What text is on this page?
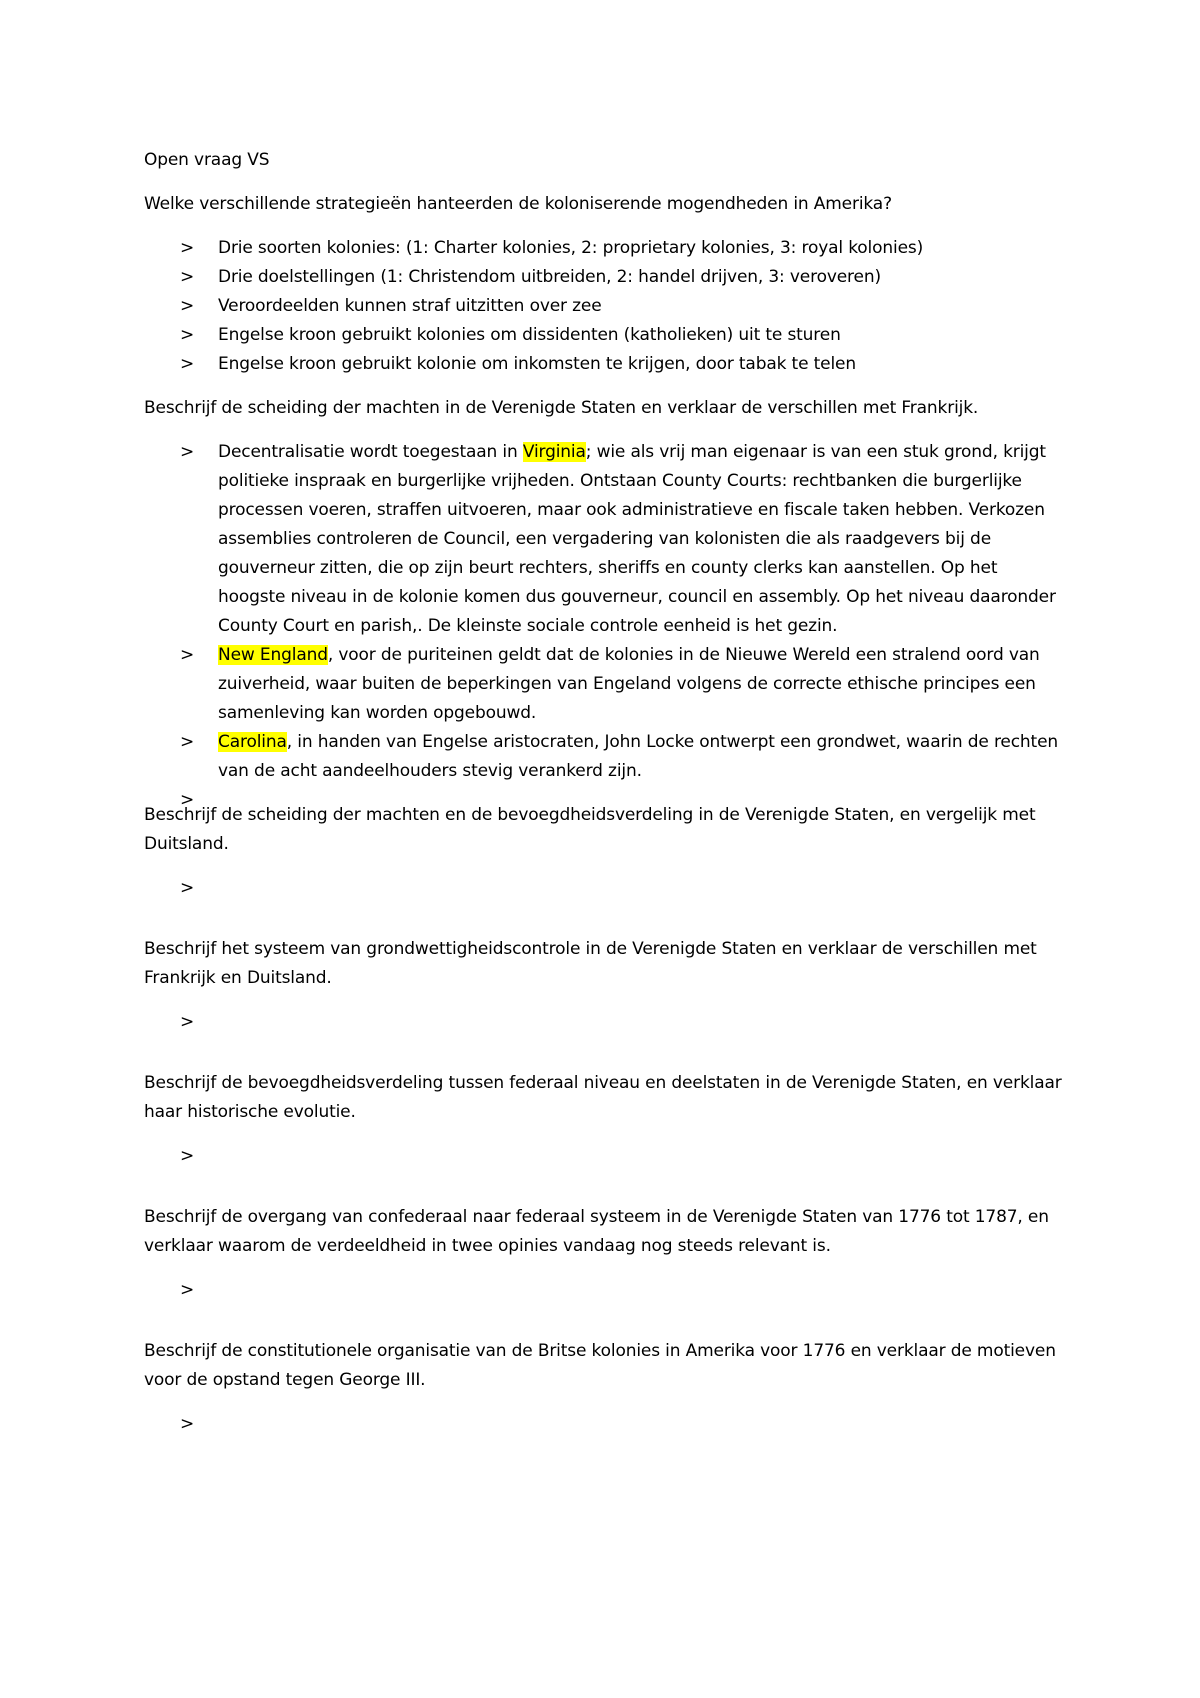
Open vraag VS

Welke verschillende strategieën hanteerden de koloniserende mogendheden in Amerika?

> Drie soorten kolonies: (1: Charter kolonies, 2: proprietary kolonies, 3: royal kolonies)
> Drie doelstellingen (1: Christendom uitbreiden, 2: handel drijven, 3: veroveren)
> Veroordeelden kunnen straf uitzitten over zee
> Engelse kroon gebruikt kolonies om dissidenten (katholieken) uit te sturen
> Engelse kroon gebruikt kolonie om inkomsten te krijgen, door tabak te telen

Beschrijf de scheiding der machten in de Verenigde Staten en verklaar de verschillen met Frankrijk.

> Decentralisatie wordt toegestaan in Virginia; wie als vrij man eigenaar is van een stuk grond, krijgt politieke inspraak en burgerlijke vrijheden. Ontstaan County Courts: rechtbanken die burgerlijke processen voeren, straffen uitvoeren, maar ook administratieve en fiscale taken hebben. Verkozen assemblies controleren de Council, een vergadering van kolonisten die als raadgevers bij de gouverneur zitten, die op zijn beurt rechters, sheriffs en county clerks kan aanstellen. Op het hoogste niveau in de kolonie komen dus gouverneur, council en assembly. Op het niveau daaronder County Court en parish,. De kleinste sociale controle eenheid is het gezin.
> New England, voor de puriteinen geldt dat de kolonies in de Nieuwe Wereld een stralend oord van zuiverheid, waar buiten de beperkingen van Engeland volgens de correcte ethische principes een samenleving kan worden opgebouwd.
> Carolina, in handen van Engelse aristocraten, John Locke ontwerpt een grondwet, waarin de rechten van de acht aandeelhouders stevig verankerd zijn.
>

Beschrijf de scheiding der machten en de bevoegdheidsverdeling in de Verenigde Staten, en vergelijk met Duitsland.

>

Beschrijf het systeem van grondwettigheidscontrole in de Verenigde Staten en verklaar de verschillen met Frankrijk en Duitsland.

>

Beschrijf de bevoegdheidsverdeling tussen federaal niveau en deelstaten in de Verenigde Staten, en verklaar haar historische evolutie.

>

Beschrijf de overgang van confederaal naar federaal systeem in de Verenigde Staten van 1776 tot 1787, en verklaar waarom de verdeeldheid in twee opinies vandaag nog steeds relevant is.

>

Beschrijf de constitutionele organisatie van de Britse kolonies in Amerika voor 1776 en verklaar de motieven voor de opstand tegen George III.

>
